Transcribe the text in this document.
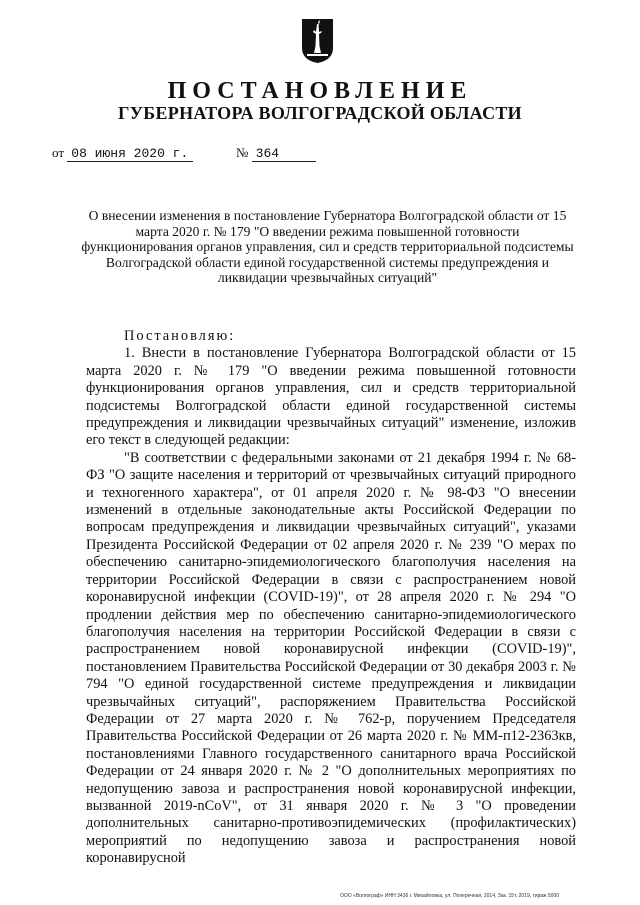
ПОСТАНОВЛЕНИЕ
ГУБЕРНАТОРА ВОЛГОГРАДСКОЙ ОБЛАСТИ
от 08 июня 2020 г.	№ 364
О внесении изменения в постановление Губернатора Волгоградской области от 15 марта 2020 г. № 179 "О введении режима повышенной готовности функционирования органов управления, сил и средств территориальной подсистемы Волгоградской области единой государственной системы предупреждения и ликвидации чрезвычайных ситуаций"

Постановляю:

1. Внести в постановление Губернатора Волгоградской области от 15 марта 2020 г. № 179 "О введении режима повышенной готовности функционирования органов управления, сил и средств территориальной подсистемы Волгоградской области единой государственной системы предупреждения и ликвидации чрезвычайных ситуаций" изменение, изложив его текст в следующей редакции:

"В соответствии с федеральными законами от 21 декабря 1994 г. № 68-ФЗ "О защите населения и территорий от чрезвычайных ситуаций природного и техногенного характера", от 01 апреля 2020 г. № 98-ФЗ "О внесении изменений в отдельные законодательные акты Российской Федерации по вопросам предупреждения и ликвидации чрезвычайных ситуаций", указами Президента Российской Федерации от 02 апреля 2020 г. № 239 "О мерах по обеспечению санитарно-эпидемиологического благополучия населения на территории Российской Федерации в связи с распространением новой коронавирусной инфекции (COVID-19)", от 28 апреля 2020 г. № 294 "О продлении действия мер по обеспечению санитарно-эпидемиологического благополучия населения на территории Российской Федерации в связи с распространением новой коронавирусной инфекции (COVID-19)", постановлением Правительства Российской Федерации от 30 декабря 2003 г. № 794 "О единой государственной системе предупреждения и ликвидации чрезвычайных ситуаций", распоряжением Правительства Российской Федерации от 27 марта 2020 г. № 762-р, поручением Председателя Правительства Российской Федерации от 26 марта 2020 г. № ММ-п12-2363кв, постановлениями Главного государственного санитарного врача Российской Федерации от 24 января 2020 г. № 2 "О дополнительных мероприятиях по недопущению завоза и распространения новой коронавирусной инфекции, вызванной 2019-nCoV", от 31 января 2020 г. № 3 "О проведении дополнительных санитарно-противоэпидемических (профилактических) мероприятий по недопущению завоза и распространения новой коронавирусной

ООО «Волгограф» ИНН 3436 г. Михайловка, ул. Поперечная, 2014, Зак. 15т, 2019, тираж 5000
